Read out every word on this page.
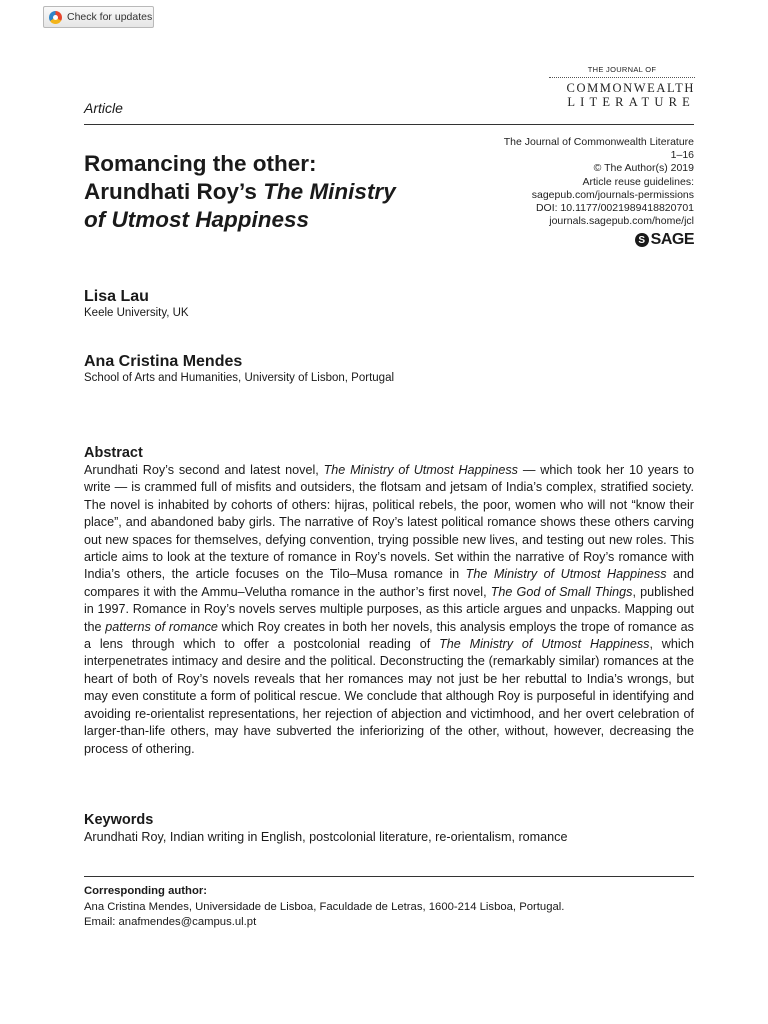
Check for updates
THE JOURNAL OF
COMMONWEALTH
LITERATURE
Article
Romancing the other:
Arundhati Roy’s The Ministry
of Utmost Happiness
The Journal of Commonwealth Literature
1–16
© The Author(s) 2019
Article reuse guidelines:
sagepub.com/journals-permissions
DOI: 10.1177/0021989418820701
journals.sagepub.com/home/jcl
S SAGE
Lisa Lau
Keele University, UK
Ana Cristina Mendes
School of Arts and Humanities, University of Lisbon, Portugal
Abstract
Arundhati Roy’s second and latest novel, The Ministry of Utmost Happiness — which took her 10 years to write — is crammed full of misfits and outsiders, the flotsam and jetsam of India’s complex, stratified society. The novel is inhabited by cohorts of others: hijras, political rebels, the poor, women who will not “know their place”, and abandoned baby girls. The narrative of Roy’s latest political romance shows these others carving out new spaces for themselves, defying convention, trying possible new lives, and testing out new roles. This article aims to look at the texture of romance in Roy’s novels. Set within the narrative of Roy’s romance with India’s others, the article focuses on the Tilo–Musa romance in The Ministry of Utmost Happiness and compares it with the Ammu–Velutha romance in the author’s first novel, The God of Small Things, published in 1997. Romance in Roy’s novels serves multiple purposes, as this article argues and unpacks. Mapping out the patterns of romance which Roy creates in both her novels, this analysis employs the trope of romance as a lens through which to offer a postcolonial reading of The Ministry of Utmost Happiness, which interpenetrates intimacy and desire and the political. Deconstructing the (remarkably similar) romances at the heart of both of Roy’s novels reveals that her romances may not just be her rebuttal to India’s wrongs, but may even constitute a form of political rescue. We conclude that although Roy is purposeful in identifying and avoiding re-orientalist representations, her rejection of abjection and victimhood, and her overt celebration of larger-than-life others, may have subverted the inferiorizing of the other, without, however, decreasing the process of othering.
Keywords
Arundhati Roy, Indian writing in English, postcolonial literature, re-orientalism, romance
Corresponding author:
Ana Cristina Mendes, Universidade de Lisboa, Faculdade de Letras, 1600-214 Lisboa, Portugal.
Email: anafmendes@campus.ul.pt
